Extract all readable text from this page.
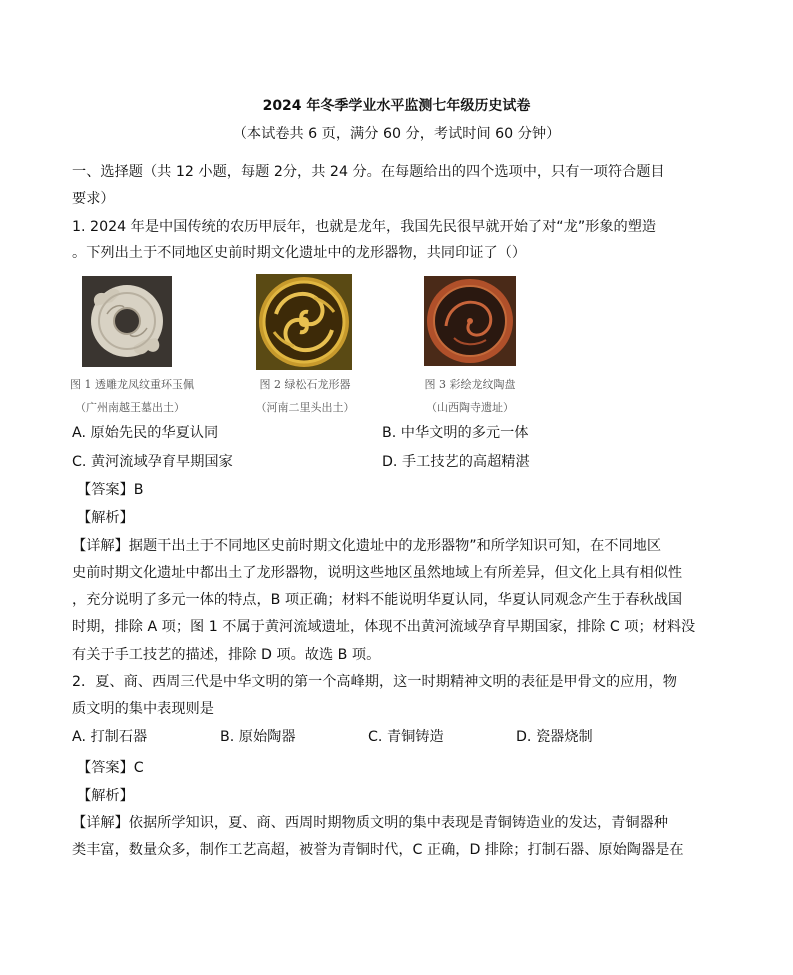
2024 年冬季学业水平监测七年级历史试卷
（本试卷共 6 页，满分 60 分，考试时间 60 分钟）
一、选择题（共 12 小题，每题 2分，共 24 分。在每题给出的四个选项中，只有一项符合题目
要求）
1. 2024 年是中国传统的农历甲辰年，也就是龙年，我国先民很早就开始了对“龙”形象的塑造
。下列出土于不同地区史前时期文化遗址中的龙形器物，共同印证了（）
图 1 透雕龙凤纹重环玉佩
（广州南越王墓出土）
图 2 绿松石龙形器
（河南二里头出土）
图 3 彩绘龙纹陶盘
（山西陶寺遗址）
A. 原始先民的华夏认同	B. 中华文明的多元一体
C. 黄河流域孕育早期国家	D. 手工技艺的高超精湛
【答案】B
【解析】
【详解】据题干出土于不同地区史前时期文化遗址中的龙形器物”和所学知识可知，在不同地区
史前时期文化遗址中都出土了龙形器物，说明这些地区虽然地域上有所差异，但文化上具有相似性
，充分说明了多元一体的特点，B 项正确；材料不能说明华夏认同，华夏认同观念产生于春秋战国
时期，排除 A 项；图 1 不属于黄河流域遗址，体现不出黄河流域孕育早期国家，排除 C 项；材料没
有关于手工技艺的描述，排除 D 项。故选 B 项。
2．夏、商、西周三代是中华文明的第一个高峰期，这一时期精神文明的表征是甲骨文的应用，物
质文明的集中表现则是
A. 打制石器	B. 原始陶器	C. 青铜铸造	D. 瓷器烧制
【答案】C
【解析】
【详解】依据所学知识，夏、商、西周时期物质文明的集中表现是青铜铸造业的发达，青铜器种
类丰富，数量众多，制作工艺高超，被誉为青铜时代，C 正确，D 排除；打制石器、原始陶器是在
